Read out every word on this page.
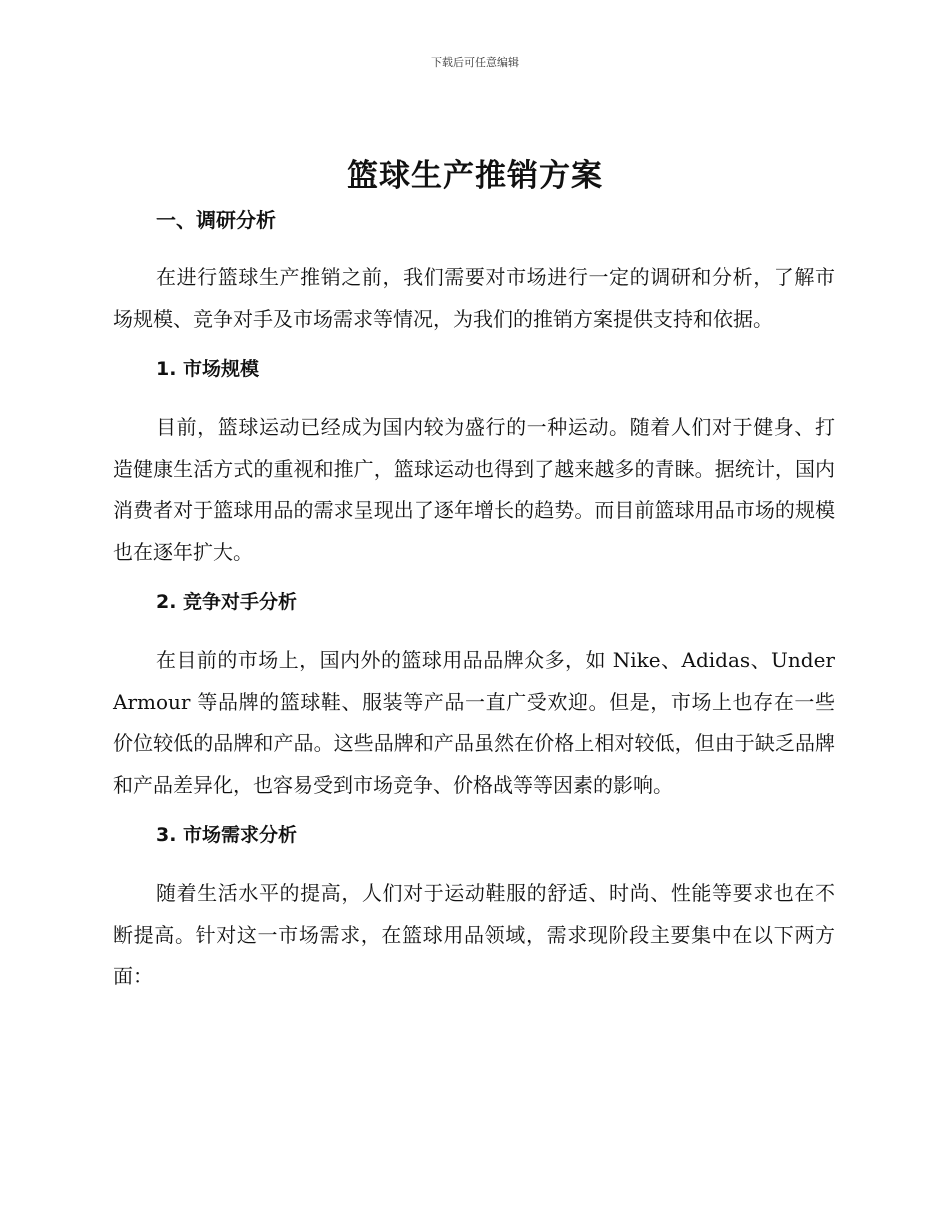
下载后可任意编辑
篮球生产推销方案
一、调研分析

在进行篮球生产推销之前，我们需要对市场进行一定的调研和分析，了解市场规模、竞争对手及市场需求等情况，为我们的推销方案提供支持和依据。

1. 市场规模

目前，篮球运动已经成为国内较为盛行的一种运动。随着人们对于健身、打造健康生活方式的重视和推广，篮球运动也得到了越来越多的青睐。据统计，国内消费者对于篮球用品的需求呈现出了逐年增长的趋势。而目前篮球用品市场的规模也在逐年扩大。

2. 竞争对手分析

在目前的市场上，国内外的篮球用品品牌众多，如 Nike、Adidas、Under Armour 等品牌的篮球鞋、服装等产品一直广受欢迎。但是，市场上也存在一些价位较低的品牌和产品。这些品牌和产品虽然在价格上相对较低，但由于缺乏品牌和产品差异化，也容易受到市场竞争、价格战等等因素的影响。

3. 市场需求分析

随着生活水平的提高，人们对于运动鞋服的舒适、时尚、性能等要求也在不断提高。针对这一市场需求，在篮球用品领域，需求现阶段主要集中在以下两方面：
